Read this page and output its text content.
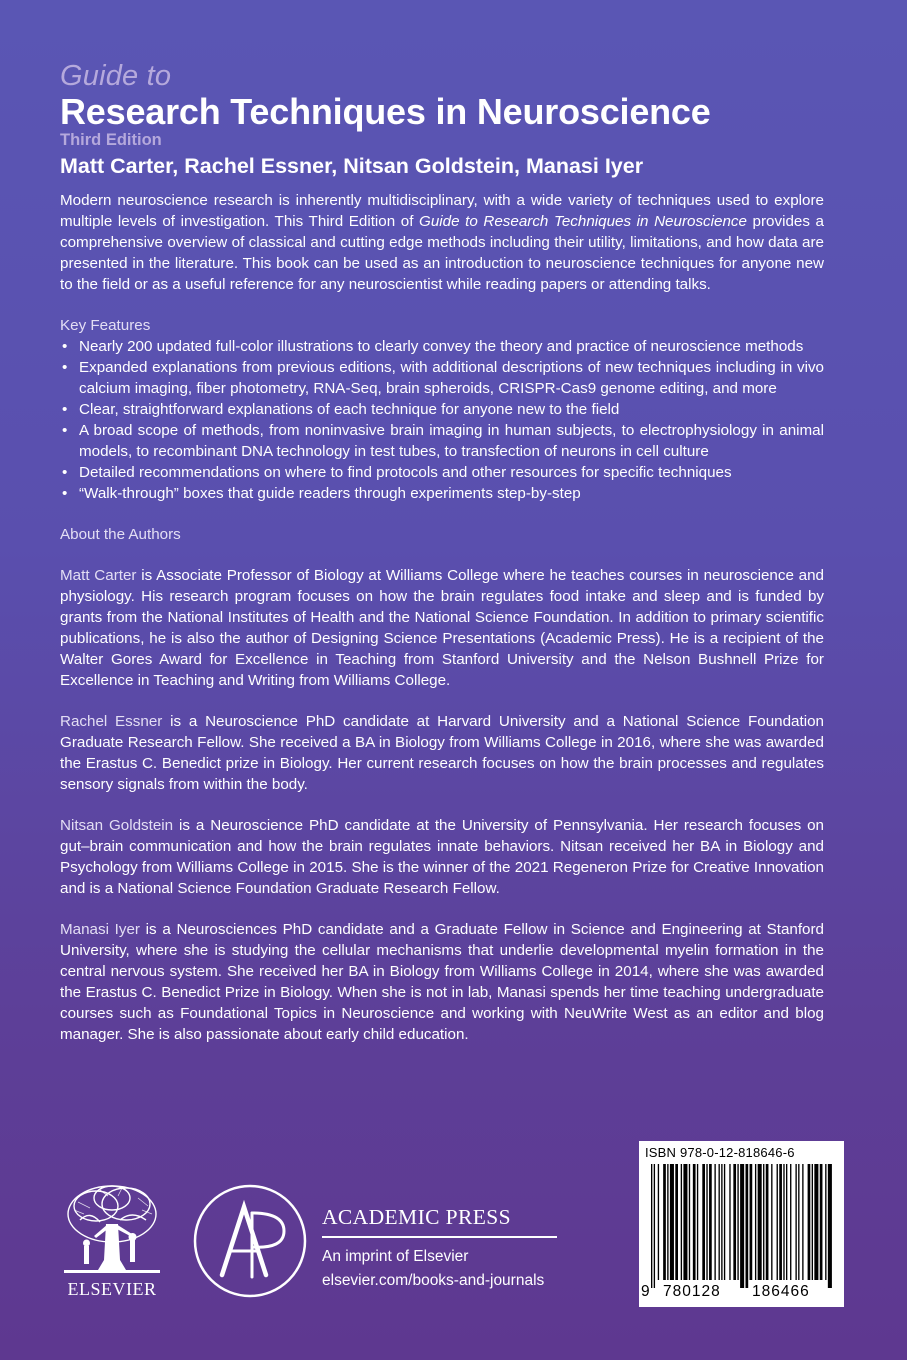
Guide to
Research Techniques in Neuroscience
Third Edition
Matt Carter, Rachel Essner, Nitsan Goldstein, Manasi Iyer

Modern neuroscience research is inherently multidisciplinary, with a wide variety of techniques used to explore multiple levels of investigation. This Third Edition of Guide to Research Techniques in Neuroscience provides a comprehensive overview of classical and cutting edge methods including their utility, limitations, and how data are presented in the literature. This book can be used as an introduction to neuroscience techniques for anyone new to the field or as a useful reference for any neuroscientist while reading papers or attending talks.

Key Features
• Nearly 200 updated full-color illustrations to clearly convey the theory and practice of neuroscience methods
• Expanded explanations from previous editions, with additional descriptions of new techniques including in vivo calcium imaging, fiber photometry, RNA-Seq, brain spheroids, CRISPR-Cas9 genome editing, and more
• Clear, straightforward explanations of each technique for anyone new to the field
• A broad scope of methods, from noninvasive brain imaging in human subjects, to electrophysiology in animal models, to recombinant DNA technology in test tubes, to transfection of neurons in cell culture
• Detailed recommendations on where to find protocols and other resources for specific techniques
• “Walk-through” boxes that guide readers through experiments step-by-step
About the Authors

Matt Carter is Associate Professor of Biology at Williams College where he teaches courses in neuroscience and physiology. His research program focuses on how the brain regulates food intake and sleep and is funded by grants from the National Institutes of Health and the National Science Foundation. In addition to primary scientific publications, he is also the author of Designing Science Presentations (Academic Press). He is a recipient of the Walter Gores Award for Excellence in Teaching from Stanford University and the Nelson Bushnell Prize for Excellence in Teaching and Writing from Williams College.

Rachel Essner is a Neuroscience PhD candidate at Harvard University and a National Science Foundation Graduate Research Fellow. She received a BA in Biology from Williams College in 2016, where she was awarded the Erastus C. Benedict prize in Biology. Her current research focuses on how the brain processes and regulates sensory signals from within the body.

Nitsan Goldstein is a Neuroscience PhD candidate at the University of Pennsylvania. Her research focuses on gut–brain communication and how the brain regulates innate behaviors. Nitsan received her BA in Biology and Psychology from Williams College in 2015. She is the winner of the 2021 Regeneron Prize for Creative Innovation and is a National Science Foundation Graduate Research Fellow.

Manasi Iyer is a Neurosciences PhD candidate and a Graduate Fellow in Science and Engineering at Stanford University, where she is studying the cellular mechanisms that underlie developmental myelin formation in the central nervous system. She received her BA in Biology from Williams College in 2014, where she was awarded the Erastus C. Benedict Prize in Biology. When she is not in lab, Manasi spends her time teaching undergraduate courses such as Foundational Topics in Neuroscience and working with NeuWrite West as an editor and blog manager. She is also passionate about early child education.

ELSEVIER
ACADEMIC PRESS
An imprint of Elsevier
elsevier.com/books-and-journals
ISBN 978-0-12-818646-6
9 780128 186466
